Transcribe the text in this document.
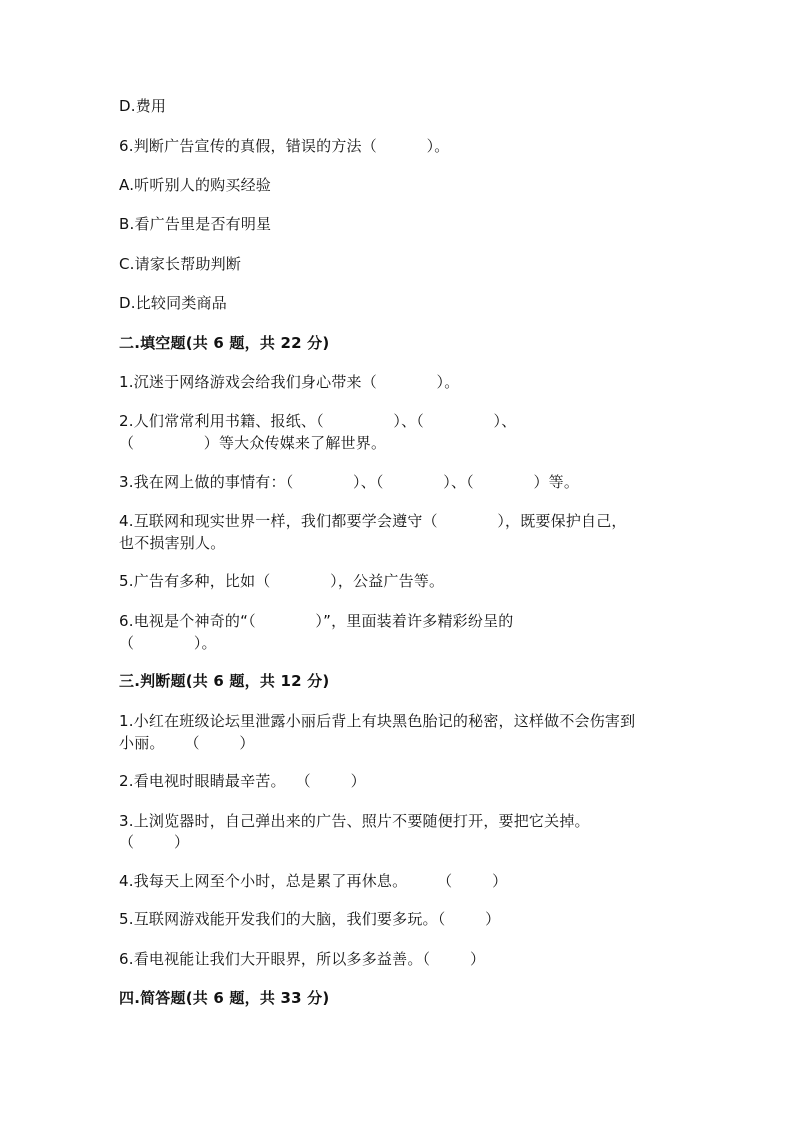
D.费用
6.判断广告宣传的真假，错误的方法（          ）。
A.听听别人的购买经验
B.看广告里是否有明星
C.请家长帮助判断
D.比较同类商品
二.填空题(共 6 题，共 22 分)
1.沉迷于网络游戏会给我们身心带来（            ）。
2.人们常常利用书籍、报纸、（              ）、（              ）、
（              ）等大众传媒来了解世界。
3.我在网上做的事情有：（            ）、（            ）、（            ）等。
4.互联网和现实世界一样，我们都要学会遵守（            ），既要保护自己，
也不损害别人。
5.广告有多种，比如（            ），公益广告等。
6.电视是个神奇的“（            ）”，里面装着许多精彩纷呈的
（            ）。
三.判断题(共 6 题，共 12 分)
1.小红在班级论坛里泄露小丽后背上有块黑色胎记的秘密，这样做不会伤害到
小丽。    （        ）
2.看电视时眼睛最辛苦。  （        ）
3.上浏览器时，自己弹出来的广告、照片不要随便打开，要把它关掉。
（        ）
4.我每天上网至个小时，总是累了再休息。      （        ）
5.互联网游戏能开发我们的大脑，我们要多玩。（        ）
6.看电视能让我们大开眼界，所以多多益善。（        ）
四.简答题(共 6 题，共 33 分)
